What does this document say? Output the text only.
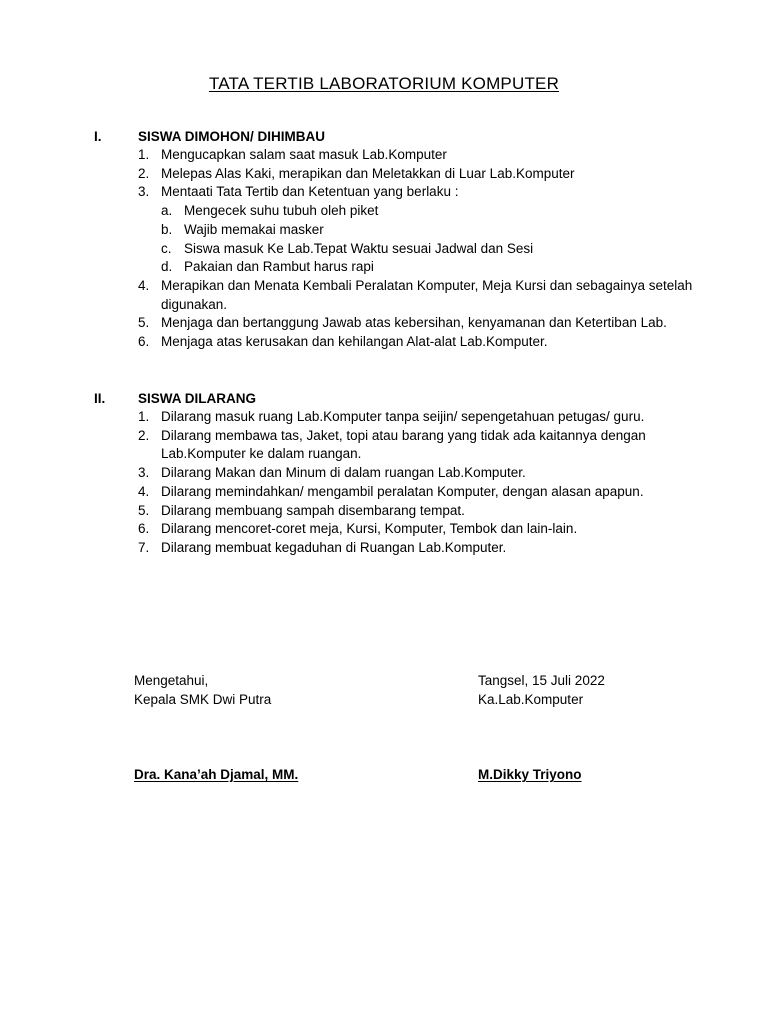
TATA TERTIB LABORATORIUM KOMPUTER
I.	SISWA DIMOHON/ DIHIMBAU
1. Mengucapkan salam saat masuk Lab.Komputer
2. Melepas Alas Kaki, merapikan dan Meletakkan di Luar Lab.Komputer
3. Mentaati Tata Tertib dan Ketentuan yang berlaku :
a. Mengecek suhu tubuh oleh piket
b. Wajib memakai masker
c. Siswa masuk Ke Lab.Tepat Waktu sesuai Jadwal dan Sesi
d. Pakaian dan Rambut harus rapi
4. Merapikan dan Menata Kembali Peralatan Komputer, Meja Kursi dan sebagainya setelah digunakan.
5. Menjaga dan bertanggung Jawab atas kebersihan, kenyamanan dan Ketertiban Lab.
6. Menjaga atas kerusakan dan kehilangan Alat-alat Lab.Komputer.
II.	SISWA DILARANG
1. Dilarang masuk ruang Lab.Komputer tanpa seijin/ sepengetahuan petugas/ guru.
2. Dilarang membawa tas, Jaket, topi atau barang yang tidak ada kaitannya dengan Lab.Komputer ke dalam ruangan.
3. Dilarang Makan dan Minum di dalam ruangan Lab.Komputer.
4. Dilarang memindahkan/ mengambil peralatan Komputer, dengan alasan apapun.
5. Dilarang membuang sampah disembarang tempat.
6. Dilarang mencoret-coret meja, Kursi, Komputer, Tembok dan lain-lain.
7. Dilarang membuat kegaduhan di Ruangan Lab.Komputer.
Mengetahui,
Kepala SMK Dwi Putra
Dra. Kana’ah Djamal, MM.
Tangsel, 15 Juli 2022
Ka.Lab.Komputer
M.Dikky Triyono
